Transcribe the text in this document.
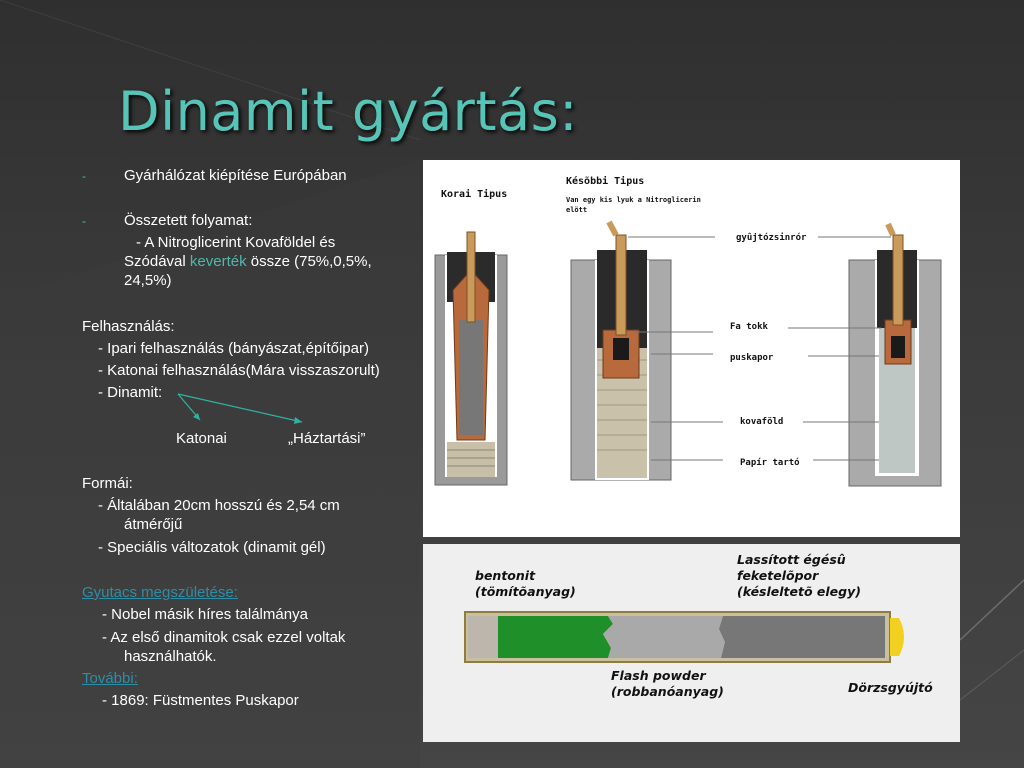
Dinamit gyártás:
-	Gyárhálózat kiépítése Európában
-	Összetett folyamat:
- A Nitroglicerint Kovaföldel és
Szódával keverték össze (75%,0,5%,
24,5%)
Felhasználás:
- Ipari felhasználás (bányászat,építőipar)
- Katonai felhasználás(Mára visszaszorult)
- Dinamit:
Katonai	„Háztartási”
Formái:
- Általában 20cm hosszú és 2,54 cm
átmérőjű
- Speciális változatok (dinamit gél)
Gyutacs megszületése:
- Nobel másik híres találmánya
- Az első dinamitok csak ezzel voltak
használhatók.
További:
- 1869: Füstmentes Puskapor
Korai Tipus
Késõbbi Tipus
Van egy kis lyuk a Nitroglicerin
elött
gyûjtózsinrór
Fa tokk
puskapor
kovaföld
Papír tartó
bentonit
(tömítõanyag)
Lassított égésû
feketelõpor
(késleltetõ elegy)
Flash powder
(robbanóanyag)	Dörzsgyújtó
